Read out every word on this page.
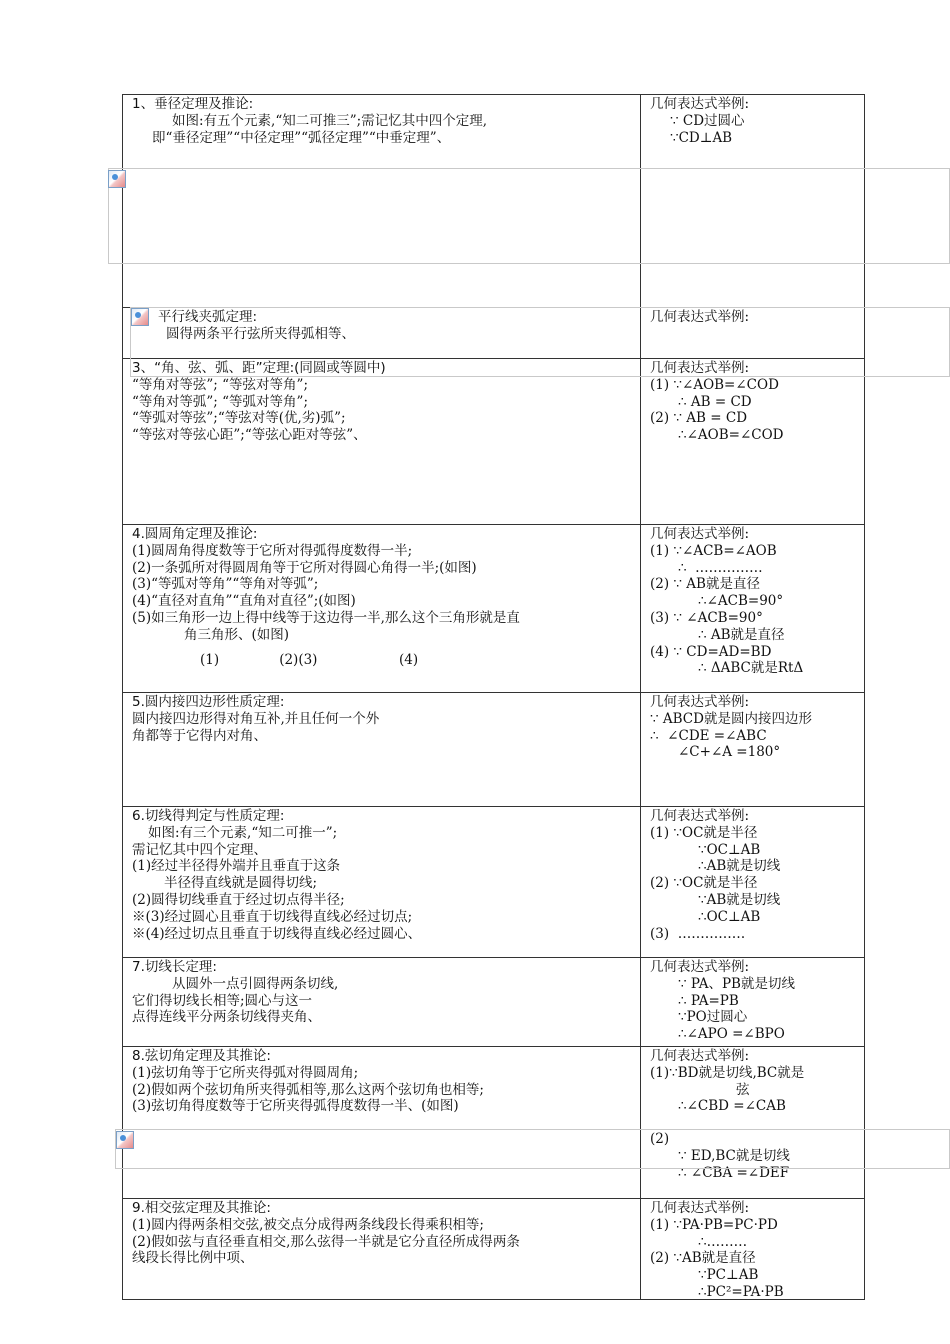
1、垂径定理及推论:
如图:有五个元素,“知二可推三”;需记忆其中四个定理,
即“垂径定理”“中径定理”“弧径定理”“中垂定理”、
几何表达式举例:
∵ CD过圆心
∵CD⊥AB
平行线夹弧定理:
圆得两条平行弦所夹得弧相等、
几何表达式举例:
3、“角、弦、弧、距”定理:(同圆或等圆中)
“等角对等弦”; “等弦对等角”;
“等角对等弧”; “等弧对等角”;
“等弧对等弦”;“等弦对等(优,劣)弧”;
“等弦对等弦心距”;“等弦心距对等弦”、
几何表达式举例:
(1) ∵∠AOB=∠COD
∴ AB = CD
(2) ∵ AB = CD
∴∠AOB=∠COD
4.圆周角定理及推论:
(1)圆周角得度数等于它所对得弧得度数得一半;
(2)一条弧所对得圆周角等于它所对得圆心角得一半;(如图)
(3)“等弧对等角”“等角对等弧”;
(4)“直径对直角”“直角对直径”;(如图)
(5)如三角形一边上得中线等于这边得一半,那么这个三角形就是直
角三角形、(如图)
(1)              (2)(3)                   (4)
几何表达式举例:
(1) ∵∠ACB=∠AOB
∴  ……………
(2) ∵ AB就是直径
∴∠ACB=90°
(3) ∵ ∠ACB=90°
∴ AB就是直径
(4) ∵ CD=AD=BD
∴ ΔABC就是RtΔ
5.圆内接四边形性质定理:
圆内接四边形得对角互补,并且任何一个外
角都等于它得内对角、
几何表达式举例:
∵ ABCD就是圆内接四边形
∴  ∠CDE =∠ABC
∠C+∠A =180°
6.切线得判定与性质定理:
如图:有三个元素,“知二可推一”;
需记忆其中四个定理、
(1)经过半径得外端并且垂直于这条
半径得直线就是圆得切线;
(2)圆得切线垂直于经过切点得半径;
※(3)经过圆心且垂直于切线得直线必经过切点;
※(4)经过切点且垂直于切线得直线必经过圆心、
几何表达式举例:
(1) ∵OC就是半径
∵OC⊥AB
∴AB就是切线
(2) ∵OC就是半径
∵AB就是切线
∴OC⊥AB
(3)  ……………
7.切线长定理:
从圆外一点引圆得两条切线,
它们得切线长相等;圆心与这一
点得连线平分两条切线得夹角、
几何表达式举例:
∵ PA、PB就是切线
∴ PA=PB
∵PO过圆心
∴∠APO =∠BPO
8.弦切角定理及其推论:
(1)弦切角等于它所夹得弧对得圆周角;
(2)假如两个弦切角所夹得弧相等,那么这两个弦切角也相等;
(3)弦切角得度数等于它所夹得弧得度数得一半、(如图)
几何表达式举例:
(1)∵BD就是切线,BC就是
弦
∴∠CBD =∠CAB
(2)
∵ ED,BC就是切线
∴ ∠CBA =∠DEF
9.相交弦定理及其推论:
(1)圆内得两条相交弦,被交点分成得两条线段长得乘积相等;
(2)假如弦与直径垂直相交,那么弦得一半就是它分直径所成得两条
线段长得比例中项、
几何表达式举例:
(1) ∵PA·PB=PC·PD
∴………
(2) ∵AB就是直径
∵PC⊥AB
∴PC²=PA·PB
